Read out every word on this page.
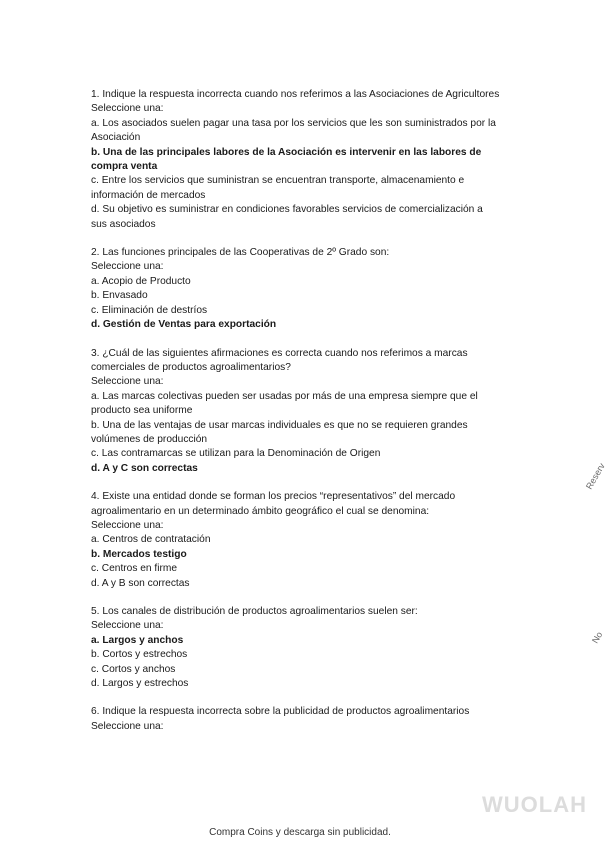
1. Indique la respuesta incorrecta cuando nos referimos a las Asociaciones de Agricultores

Seleccione una:

a. Los asociados suelen pagar una tasa por los servicios que les son suministrados por la Asociación

b. Una de las principales labores de la Asociación es intervenir en las labores de compra venta

c. Entre los servicios que suministran se encuentran transporte, almacenamiento e información de mercados

d. Su objetivo es suministrar en condiciones favorables servicios de comercialización a sus asociados

2. Las funciones principales de las Cooperativas de 2º Grado son:

Seleccione una:

a. Acopio de Producto

b. Envasado

c. Eliminación de destríos

d. Gestión de Ventas para exportación

3. ¿Cuál de las siguientes afirmaciones es correcta cuando nos referimos a marcas comerciales de productos agroalimentarios?

Seleccione una:

a. Las marcas colectivas pueden ser usadas por más de una empresa siempre que el producto sea uniforme

b. Una de las ventajas de usar marcas individuales es que no se requieren grandes volúmenes de producción

c. Las contramarcas se utilizan para la Denominación de Origen

d. A y C son correctas

4. Existe una entidad donde se forman los precios “representativos” del mercado agroalimentario en un determinado ámbito geográfico el cual se denomina:

Seleccione una:

a. Centros de contratación

b. Mercados testigo

c. Centros en firme

d. A y B son correctas

5. Los canales de distribución de productos agroalimentarios suelen ser:

Seleccione una:

a. Largos y anchos

b. Cortos y estrechos

c. Cortos y anchos

d. Largos y estrechos

6. Indique la respuesta incorrecta sobre la publicidad de productos agroalimentarios

Seleccione una:

Reserv
No
WUOLAH
Compra Coins y descarga sin publicidad.
